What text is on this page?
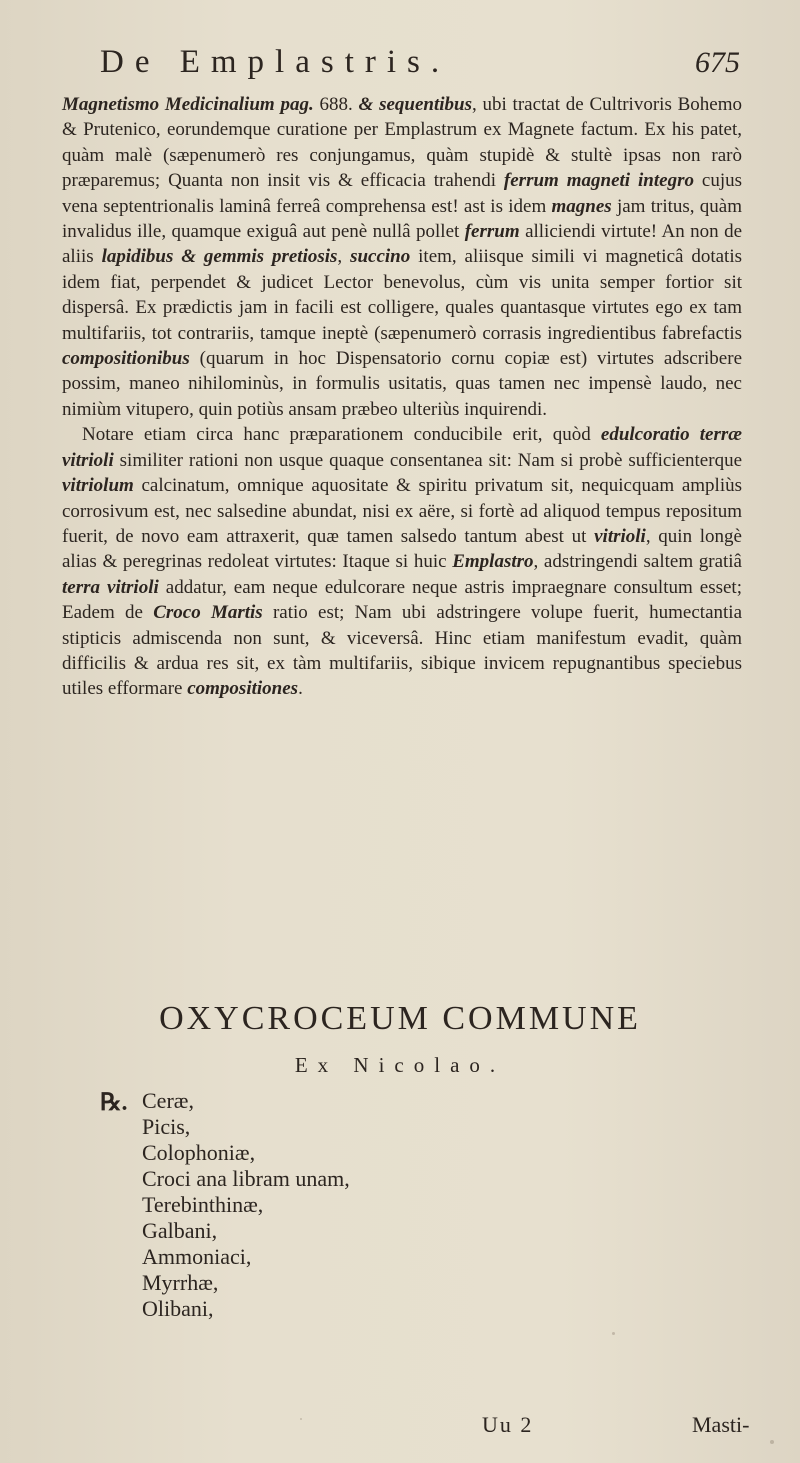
De Emplastris.	675

Magnetismo Medicinalium pag. 688. & sequentibus, ubi tractat de Cultrivoris Bohemo & Prutenico, eorundemque curatione per Emplastrum ex Magnete factum. Ex his patet, quàm malè (sæpenumerò res conjungamus, quàm stupidè & stultè ipsas non rarò præparemus; Quanta non insit vis & efficacia trahendi ferrum magneti integro cujus vena septentrionalis laminâ ferreâ comprehensa est! ast is idem magnes jam tritus, quàm invalidus ille, quamque exiguâ aut penè nullâ pollet ferrum alliciendi virtute! An non de aliis lapidibus & gemmis pretiosis, succino item, aliisque simili vi magneticâ dotatis idem fiat, perpendet & judicet Lector benevolus, cùm vis unita semper fortior sit dispersâ. Ex prædictis jam in facili est colligere, quales quantasque virtutes ego ex tam multifariis, tot contrariis, tamque ineptè (sæpenumerò corrasis ingredientibus fabrefactis compositionibus (quarum in hoc Dispensatorio cornu copiæ est) virtutes adscribere possim, maneo nihilominùs, in formulis usitatis, quas tamen nec impensè laudo, nec nimiùm vitupero, quin potiùs ansam præbeo ulteriùs inquirendi.

Notare etiam circa hanc præparationem conducibile erit, quòd edulcoratio terræ vitrioli similiter rationi non usque quaque consentanea sit: Nam si probè sufficienterque vitriolum calcinatum, omnique aquositate & spiritu privatum sit, nequicquam ampliùs corrosivum est, nec salsedine abundat, nisi ex aëre, si fortè ad aliquod tempus repositum fuerit, de novo eam attraxerit, quæ tamen salsedo tantum abest ut vitrioli, quin longè alias & peregrinas redoleat virtutes: Itaque si huic Emplastro, adstringendi saltem gratiâ terra vitrioli addatur, eam neque edulcorare neque astris impraegnare consultum esset; Eadem de Croco Martis ratio est; Nam ubi adstringere volupe fuerit, humectantia stipticis admiscenda non sunt, & viceversâ. Hinc etiam manifestum evadit, quàm difficilis & ardua res sit, ex tàm multifariis, sibique invicem repugnantibus speciebus utiles efformare compositiones.

OXYCROCEUM COMMUNE
Ex Nicolao.
℞. Ceræ,
Picis,
Colophoniæ,
Croci ana libram unam,
Terebinthinæ,
Galbani,
Ammoniaci,
Myrrhæ,
Olibani,
Uu 2	Masti-
